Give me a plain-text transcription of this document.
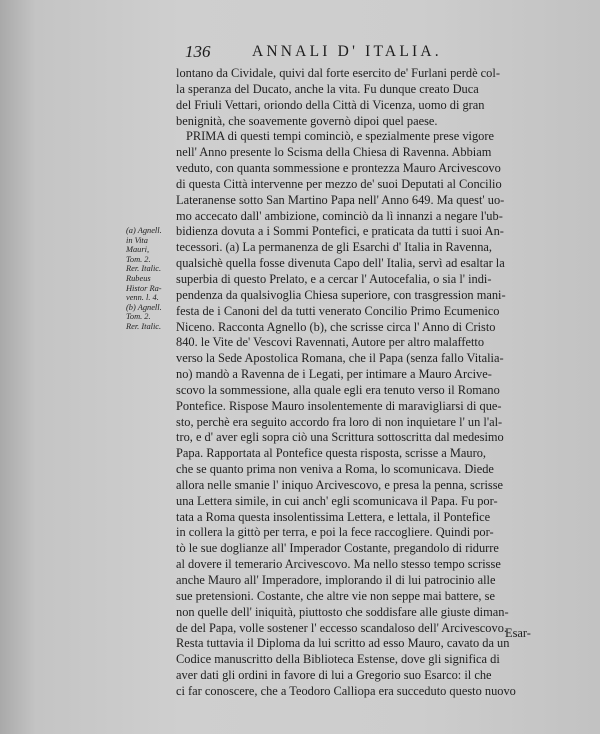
136	ANNALI D' ITALIA.
lontano da Cividale, quivi dal forte esercito de' Furlani perdè col-
la speranza del Ducato, anche la vita. Fu dunque creato Duca
del Friuli Vettari, oriondo della Città di Vicenza, uomo di gran
benignità, che soavemente governò dipoi quel paese.
PRIMA di questi tempi cominciò, e spezialmente prese vigore
nell' Anno presente lo Scisma della Chiesa di Ravenna. Abbiam
veduto, con quanta sommessione e prontezza Mauro Arcivescovo
di questa Città intervenne per mezzo de' suoi Deputati al Concilio
Lateranense sotto San Martino Papa nell' Anno 649. Ma quest' uo-
mo accecato dall' ambizione, cominciò da lì innanzi a negare l'ub-
bidienza dovuta a i Sommi Pontefici, e praticata da tutti i suoi An-
tecessori. (a) La permanenza de gli Esarchi d' Italia in Ravenna,
qualsichè quella fosse divenuta Capo dell' Italia, servì ad esaltar la
superbia di questo Prelato, e a cercar l' Autocefalia, o sia l' indi-
pendenza da qualsivoglia Chiesa superiore, con trasgression mani-
festa de i Canoni del da tutti venerato Concilio Primo Ecumenico
Niceno. Racconta Agnello (b), che scrisse circa l' Anno di Cristo
840. le Vite de' Vescovi Ravennati, Autore per altro malaffetto
verso la Sede Apostolica Romana, che il Papa (senza fallo Vitalia-
no) mandò a Ravenna de i Legati, per intimare a Mauro Arcive-
scovo la sommessione, alla quale egli era tenuto verso il Romano
Pontefice. Rispose Mauro insolentemente di maravigliarsi di que-
sto, perchè era seguito accordo fra loro di non inquietare l' un l'al-
tro, e d' aver egli sopra ciò una Scrittura sottoscritta dal medesimo
Papa. Rapportata al Pontefice questa risposta, scrisse a Mauro,
che se quanto prima non veniva a Roma, lo scomunicava. Diede
allora nelle smanie l' iniquo Arcivescovo, e presa la penna, scrisse
una Lettera simile, in cui anch' egli scomunicava il Papa. Fu por-
tata a Roma questa insolentissima Lettera, e lettala, il Pontefice
in collera la gittò per terra, e poi la fece raccogliere. Quindi por-
tò le sue doglianze all' Imperador Costante, pregandolo di ridurre
al dovere il temerario Arcivescovo. Ma nello stesso tempo scrisse
anche Mauro all' Imperadore, implorando il di lui patrocinio alle
sue pretensioni. Costante, che altre vie non seppe mai battere, se
non quelle dell' iniquità, piuttosto che soddisfare alle giuste diman-
de del Papa, volle sostener l' eccesso scandaloso dell' Arcivescovo.
Resta tuttavia il Diploma da lui scritto ad esso Mauro, cavato da un
Codice manuscritto della Biblioteca Estense, dove gli significa di
aver dati gli ordini in favore di lui a Gregorio suo Esarco: il che
ci far conoscere, che a Teodoro Calliopa era succeduto questo nuovo
(a) Agnell.
in Vita
Mauri,
Tom. 2.
Rer. Italic.
Rubeus
Histor Ra-
venn. l. 4.
(b) Agnell.
Tom. 2.
Rer. Italic.
Esar-
